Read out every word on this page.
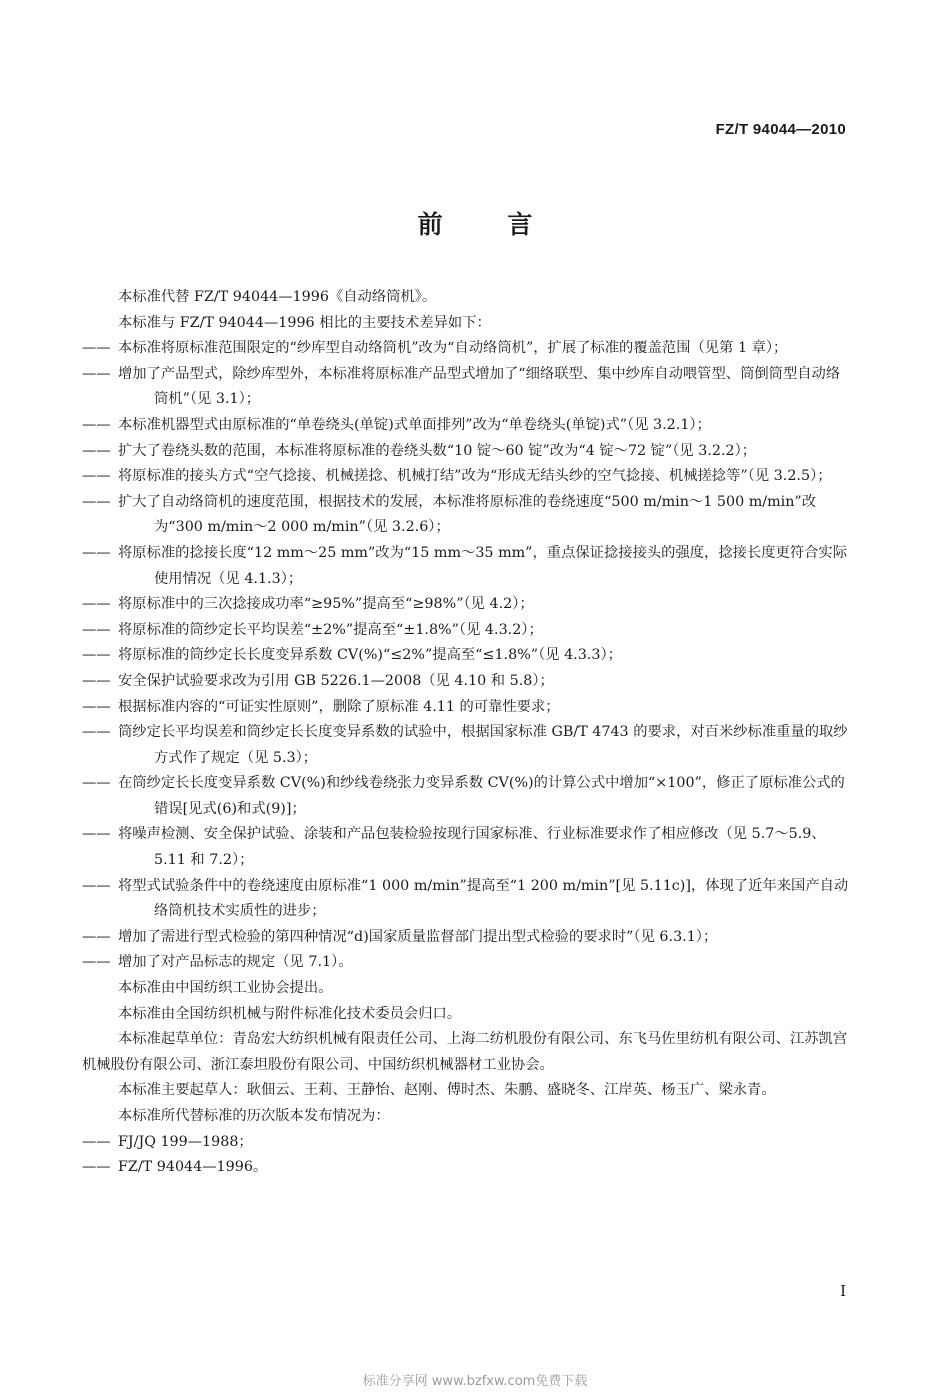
FZ/T 94044—2010
前 言
本标准代替 FZ/T 94044—1996《自动络筒机》。
本标准与 FZ/T 94044—1996 相比的主要技术差异如下：
—— 本标准将原标准范围限定的“纱库型自动络筒机”改为“自动络筒机”，扩展了标准的覆盖范围（见第 1 章）；
—— 增加了产品型式，除纱库型外，本标准将原标准产品型式增加了“细络联型、集中纱库自动喂管型、筒倒筒型自动络筒机”（见 3.1）；
—— 本标准机器型式由原标准的“单卷绕头(单锭)式单面排列”改为“单卷绕头(单锭)式”（见 3.2.1）；
—— 扩大了卷绕头数的范围，本标准将原标准的卷绕头数“10 锭～60 锭”改为“4 锭～72 锭”（见 3.2.2）；
—— 将原标准的接头方式“空气捻接、机械搓捻、机械打结”改为“形成无结头纱的空气捻接、机械搓捻等”（见 3.2.5）；
—— 扩大了自动络筒机的速度范围，根据技术的发展，本标准将原标准的卷绕速度“500 m/min～1 500 m/min”改为“300 m/min～2 000 m/min”（见 3.2.6）；
—— 将原标准的捻接长度“12 mm～25 mm”改为“15 mm～35 mm”，重点保证捻接接头的强度，捻接长度更符合实际使用情况（见 4.1.3）；
—— 将原标准中的三次捻接成功率“≥95%”提高至“≥98%”（见 4.2）；
—— 将原标准的筒纱定长平均误差“±2%”提高至“±1.8%”（见 4.3.2）；
—— 将原标准的筒纱定长长度变异系数 CV(%)“≤2%”提高至“≤1.8%”（见 4.3.3）；
—— 安全保护试验要求改为引用 GB 5226.1—2008（见 4.10 和 5.8）；
—— 根据标准内容的“可证实性原则”，删除了原标准 4.11 的可靠性要求；
—— 筒纱定长平均误差和筒纱定长长度变异系数的试验中，根据国家标准 GB/T 4743 的要求，对百米纱标准重量的取纱方式作了规定（见 5.3）；
—— 在筒纱定长长度变异系数 CV(%)和纱线卷绕张力变异系数 CV(%)的计算公式中增加“×100”，修正了原标准公式的错误[见式(6)和式(9)]；
—— 将噪声检测、安全保护试验、涂装和产品包装检验按现行国家标准、行业标准要求作了相应修改（见 5.7～5.9、5.11 和 7.2）；
—— 将型式试验条件中的卷绕速度由原标准“1 000 m/min”提高至“1 200 m/min”[见 5.11c)]，体现了近年来国产自动络筒机技术实质性的进步；
—— 增加了需进行型式检验的第四种情况“d)国家质量监督部门提出型式检验的要求时”（见 6.3.1）；
—— 增加了对产品标志的规定（见 7.1）。
本标准由中国纺织工业协会提出。
本标准由全国纺织机械与附件标准化技术委员会归口。
本标准起草单位：青岛宏大纺织机械有限责任公司、上海二纺机股份有限公司、东飞马佐里纺机有限公司、江苏凯宫机械股份有限公司、浙江泰坦股份有限公司、中国纺织机械器材工业协会。
本标准主要起草人：耿佃云、王莉、王静怡、赵刚、傅时杰、朱鹏、盛晓冬、江岸英、杨玉广、梁永青。
本标准所代替标准的历次版本发布情况为：
—— FJ/JQ 199—1988；
—— FZ/T 94044—1996。
I
标准分享网 www.bzfxw.com免费下载
